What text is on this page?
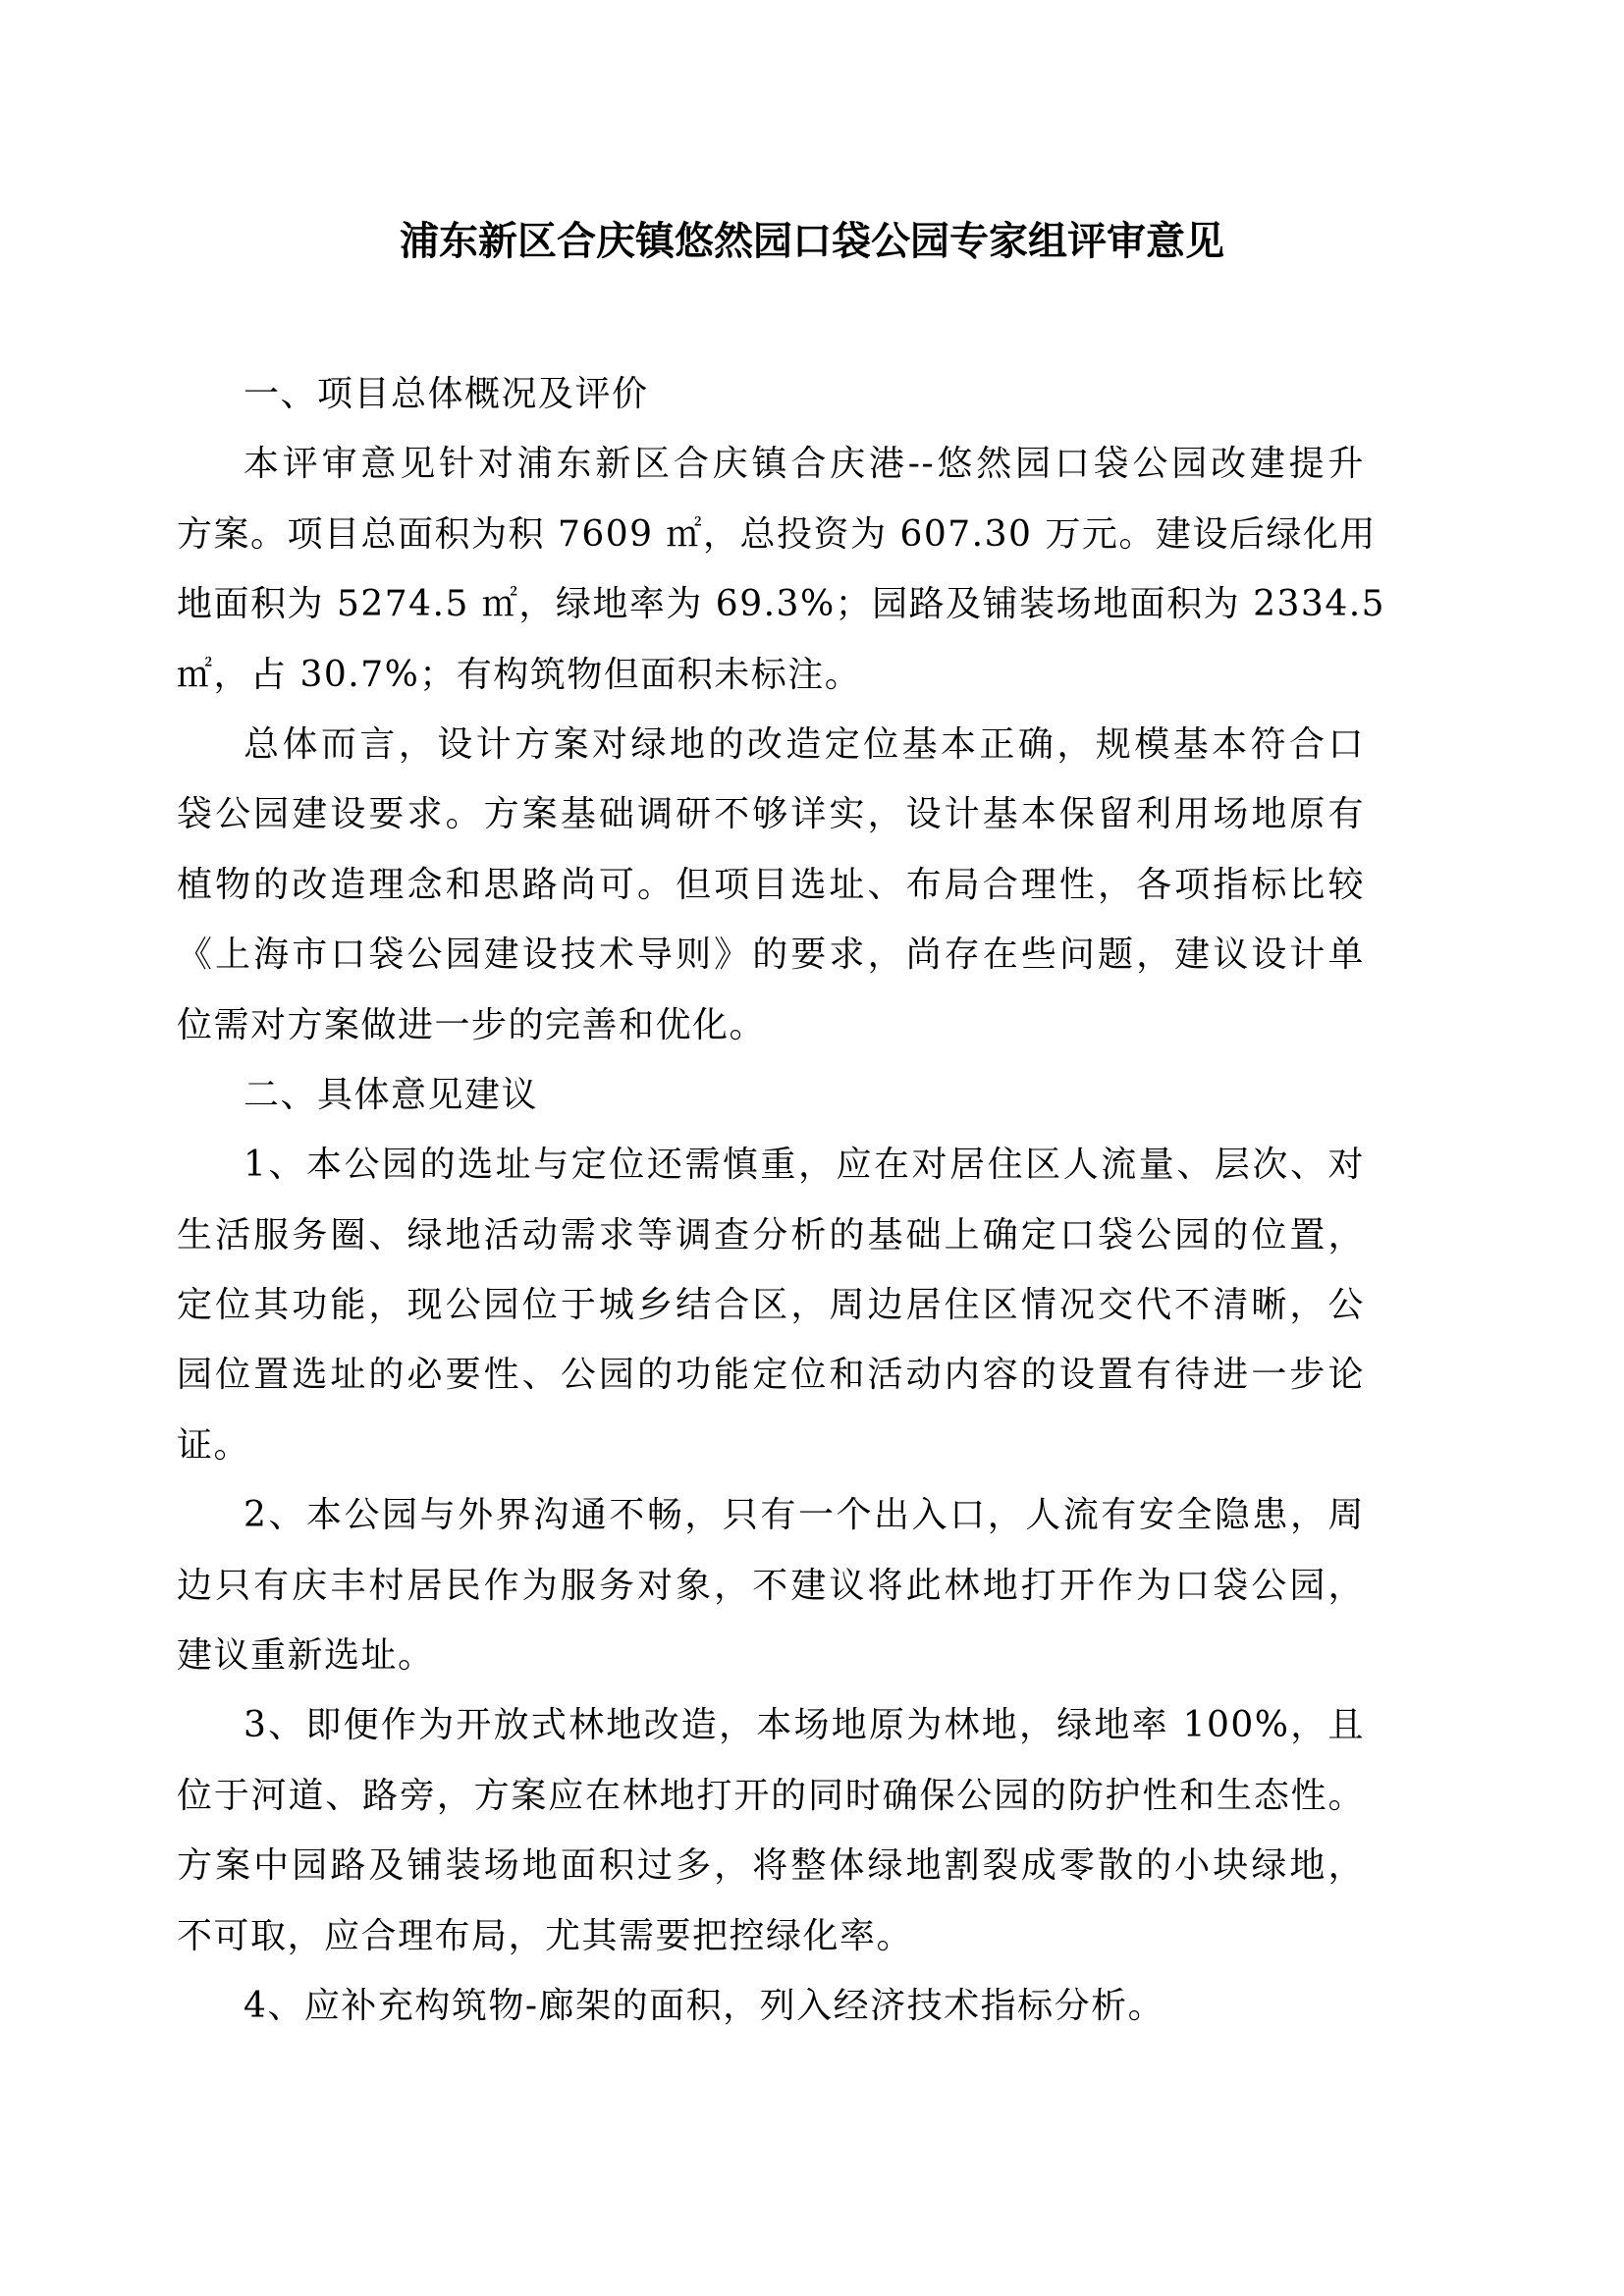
浦东新区合庆镇悠然园口袋公园专家组评审意见
一、项目总体概况及评价
本评审意见针对浦东新区合庆镇合庆港--悠然园口袋公园改建提升
方案。项目总面积为积 7609 ㎡，总投资为 607.30 万元。建设后绿化用
地面积为 5274.5 ㎡，绿地率为 69.3%；园路及铺装场地面积为 2334.5
㎡，占 30.7%；有构筑物但面积未标注。
总体而言，设计方案对绿地的改造定位基本正确，规模基本符合口
袋公园建设要求。方案基础调研不够详实，设计基本保留利用场地原有
植物的改造理念和思路尚可。但项目选址、布局合理性，各项指标比较
《上海市口袋公园建设技术导则》的要求，尚存在些问题，建议设计单
位需对方案做进一步的完善和优化。
二、具体意见建议
1、本公园的选址与定位还需慎重，应在对居住区人流量、层次、对
生活服务圈、绿地活动需求等调查分析的基础上确定口袋公园的位置，
定位其功能，现公园位于城乡结合区，周边居住区情况交代不清晰，公
园位置选址的必要性、公园的功能定位和活动内容的设置有待进一步论
证。
2、本公园与外界沟通不畅，只有一个出入口，人流有安全隐患，周
边只有庆丰村居民作为服务对象，不建议将此林地打开作为口袋公园，
建议重新选址。
3、即便作为开放式林地改造，本场地原为林地，绿地率 100%，且
位于河道、路旁，方案应在林地打开的同时确保公园的防护性和生态性。
方案中园路及铺装场地面积过多，将整体绿地割裂成零散的小块绿地，
不可取，应合理布局，尤其需要把控绿化率。
4、应补充构筑物-廊架的面积，列入经济技术指标分析。
